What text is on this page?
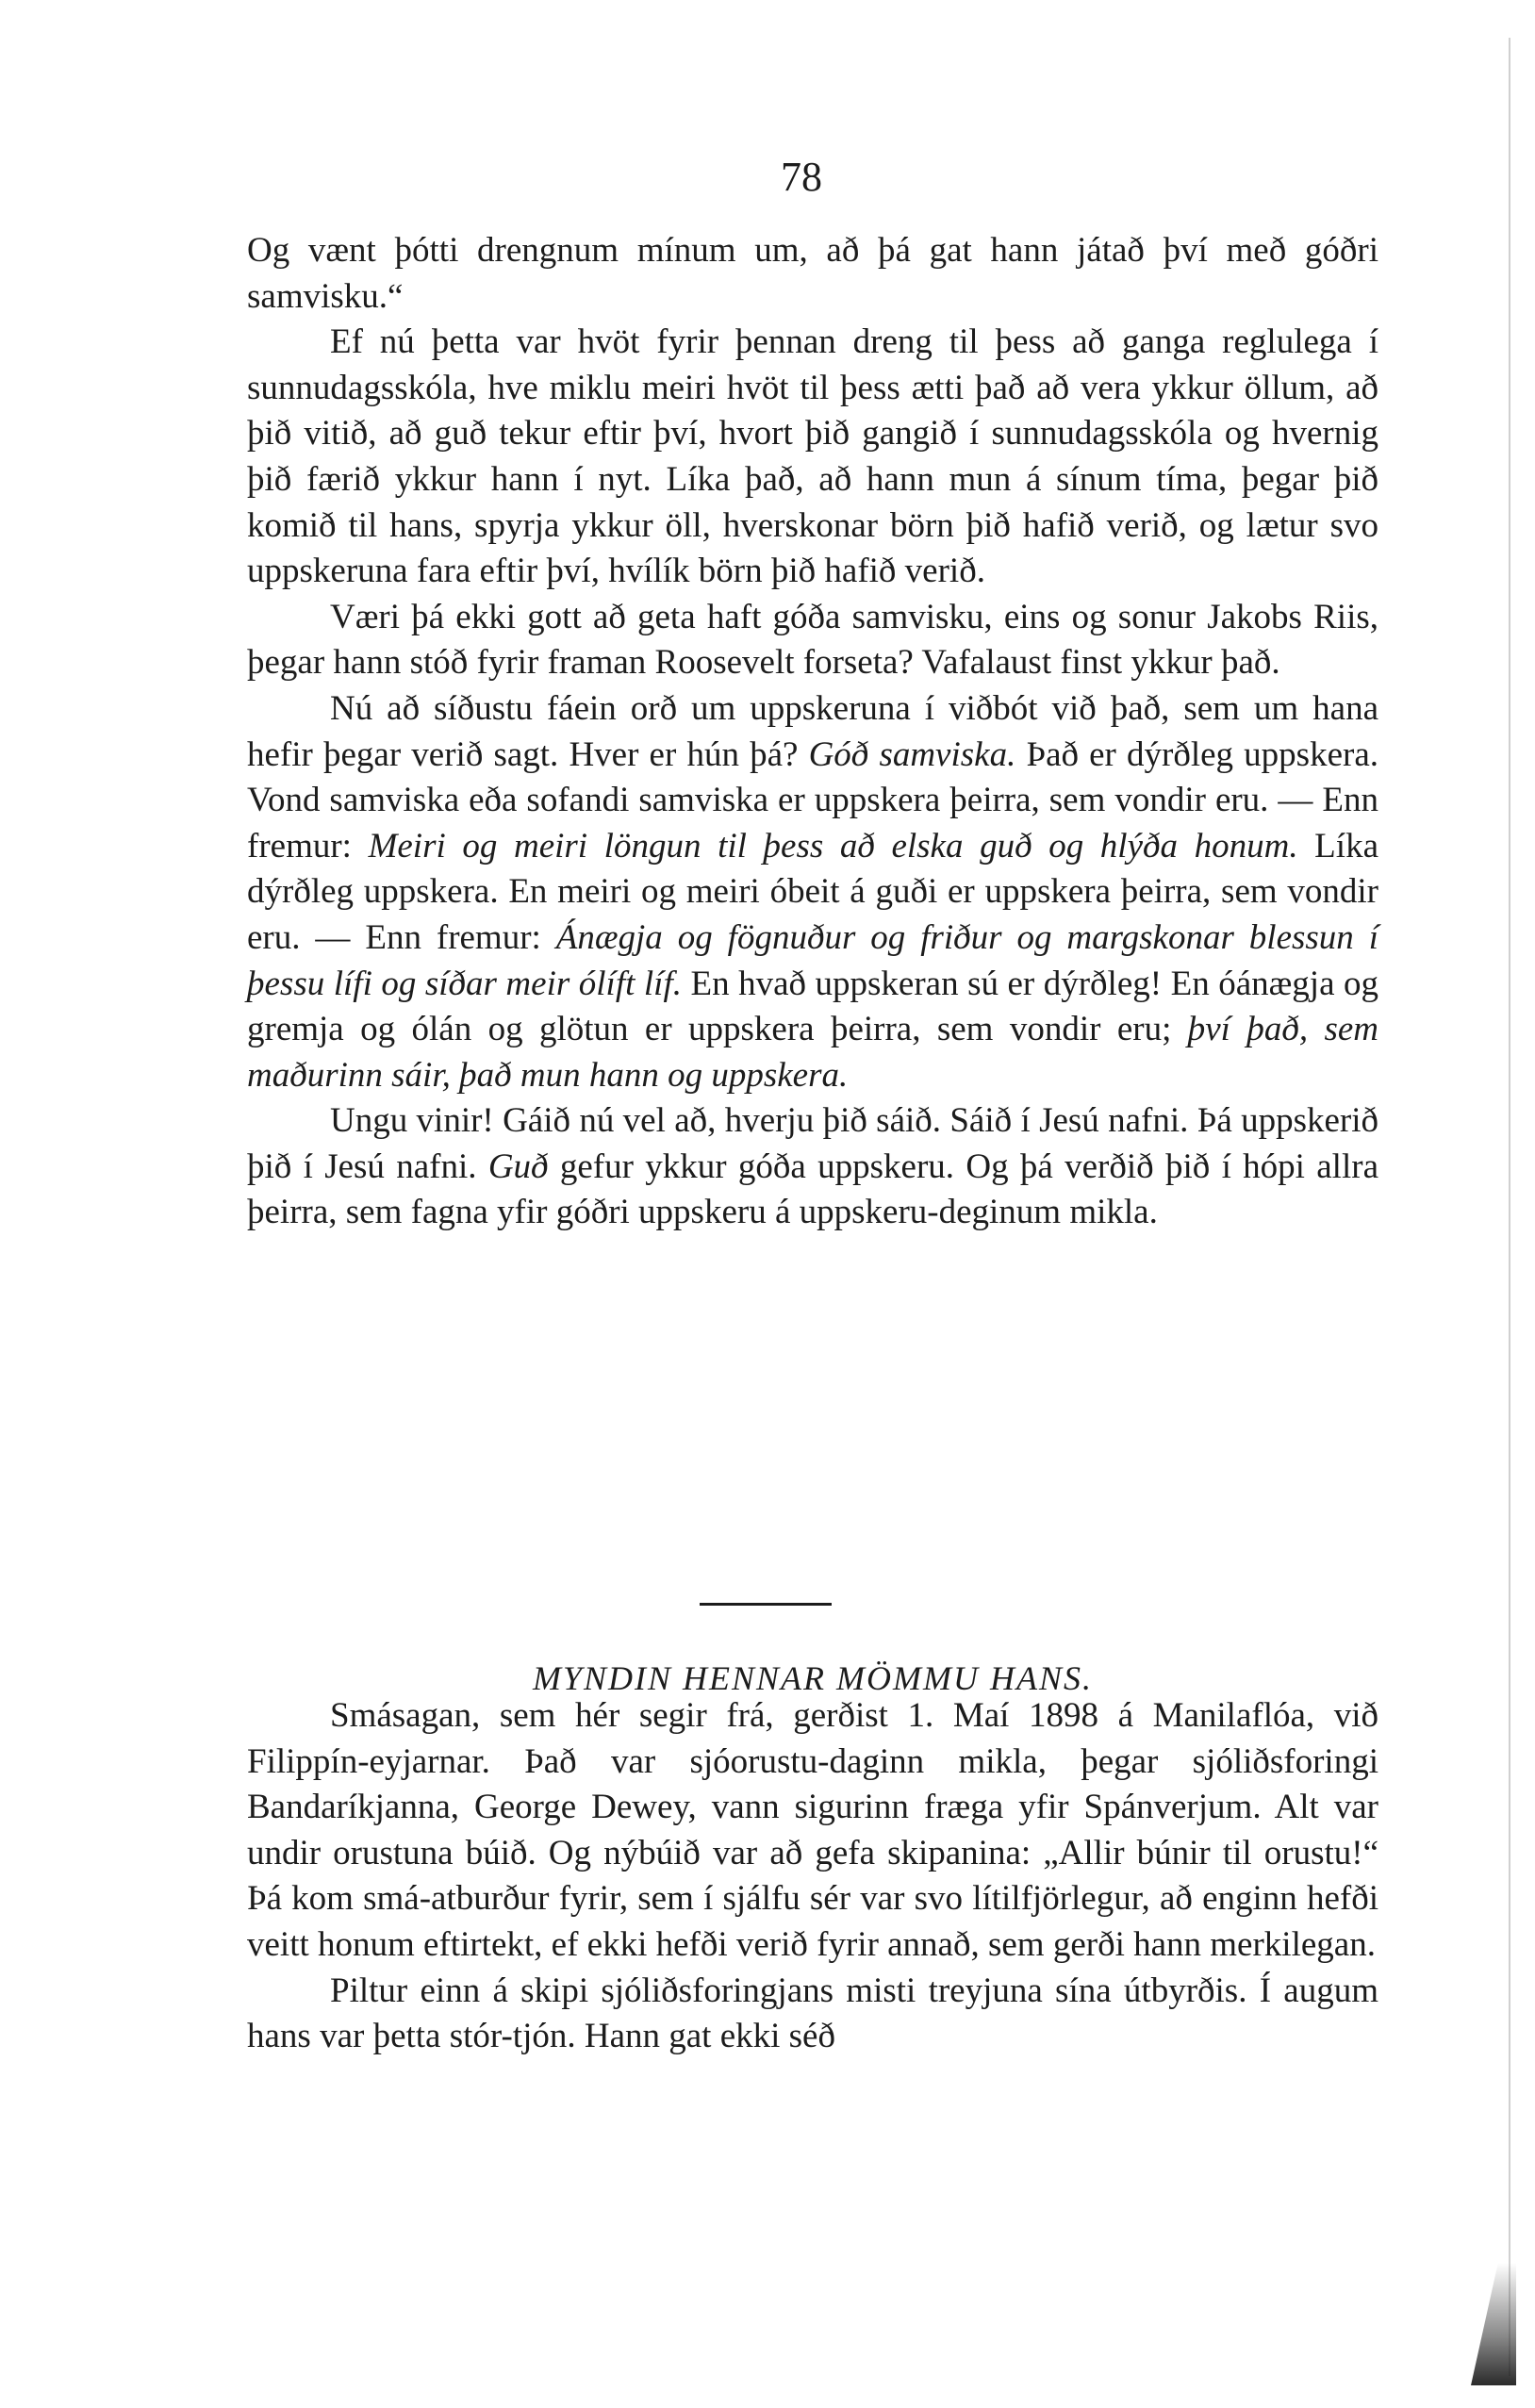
78

Og vænt þótti drengnum mínum um, að þá gat hann játað því með góðri samvisku.“

Ef nú þetta var hvöt fyrir þennan dreng til þess að ganga reglulega í sunnudagsskóla, hve miklu meiri hvöt til þess ætti það að vera ykkur öllum, að þið vitið, að guð tekur eftir því, hvort þið gangið í sunnudagsskóla og hvernig þið færið ykkur hann í nyt. Líka það, að hann mun á sínum tíma, þegar þið komið til hans, spyrja ykkur öll, hverskonar börn þið hafið verið, og lætur svo uppskeruna fara eftir því, hvílík börn þið hafið verið.

Væri þá ekki gott að geta haft góða samvisku, eins og sonur Jakobs Riis, þegar hann stóð fyrir framan Roosevelt forseta? Vafalaust finst ykkur það.

Nú að síðustu fáein orð um uppskeruna í viðbót við það, sem um hana hefir þegar verið sagt. Hver er hún þá? Góð samviska. Það er dýrðleg uppskera. Vond samviska eða sofandi samviska er uppskera þeirra, sem vondir eru. — Enn fremur: Meiri og meiri löngun til þess að elska guð og hlýða honum. Líka dýrðleg uppskera. En meiri og meiri óbeit á guði er uppskera þeirra, sem vondir eru. — Enn fremur: Ánægja og fögnuður og friður og margskonar blessun í þessu lífi og síðar meir ólíft líf. En hvað uppskeran sú er dýrðleg! En óánægja og gremja og ólán og glötun er uppskera þeirra, sem vondir eru; því það, sem maðurinn sáir, það mun hann og uppskera.

Ungu vinir! Gáið nú vel að, hverju þið sáið. Sáið í Jesú nafni. Þá uppskerið þið í Jesú nafni. Guð gefur ykkur góða uppskeru. Og þá verðið þið í hópi allra þeirra, sem fagna yfir góðri uppskeru á uppskeru-deginum mikla.

MYNDIN HENNAR MÖMMU HANS.

Smásagan, sem hér segir frá, gerðist 1. Maí 1898 á Manilaflóa, við Filippín-eyjarnar. Það var sjóorustu-daginn mikla, þegar sjóliðsforingi Bandaríkjanna, George Dewey, vann sigurinn fræga yfir Spánverjum. Alt var undir orustuna búið. Og nýbúið var að gefa skipanina: „Allir búnir til orustu!“ Þá kom smá-atburður fyrir, sem í sjálfu sér var svo lítilfjörlegur, að enginn hefði veitt honum eftirtekt, ef ekki hefði verið fyrir annað, sem gerði hann merkilegan.

Piltur einn á skipi sjóliðsforingjans misti treyjuna sína útbyrðis. Í augum hans var þetta stór-tjón. Hann gat ekki séð
